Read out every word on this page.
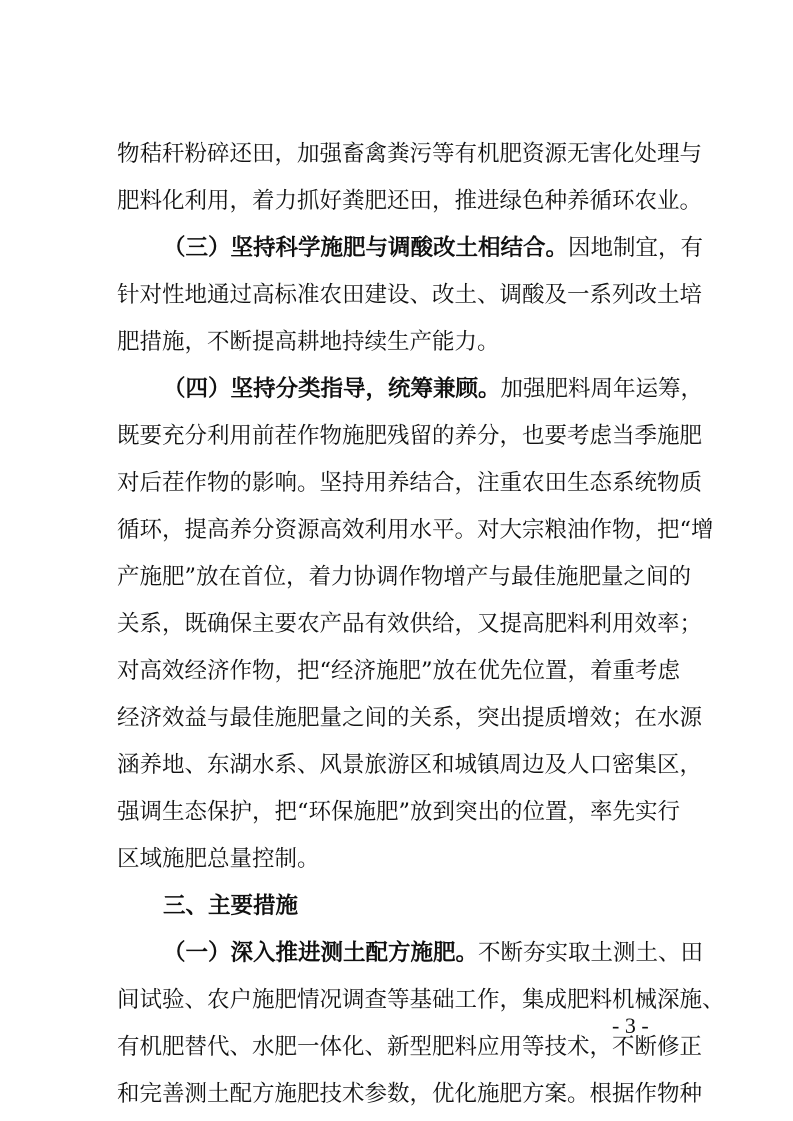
物秸秆粉碎还田，加强畜禽粪污等有机肥资源无害化处理与
肥料化利用，着力抓好粪肥还田，推进绿色种养循环农业。
（三）坚持科学施肥与调酸改土相结合。因地制宜，有
针对性地通过高标准农田建设、改土、调酸及一系列改土培
肥措施，不断提高耕地持续生产能力。
（四）坚持分类指导，统筹兼顾。加强肥料周年运筹，
既要充分利用前茬作物施肥残留的养分，也要考虑当季施肥
对后茬作物的影响。坚持用养结合，注重农田生态系统物质
循环，提高养分资源高效利用水平。对大宗粮油作物，把“增
产施肥”放在首位，着力协调作物增产与最佳施肥量之间的
关系，既确保主要农产品有效供给，又提高肥料利用效率；
对高效经济作物，把“经济施肥”放在优先位置，着重考虑
经济效益与最佳施肥量之间的关系，突出提质增效；在水源
涵养地、东湖水系、风景旅游区和城镇周边及人口密集区，
强调生态保护，把“环保施肥”放到突出的位置，率先实行
区域施肥总量控制。
三、主要措施
（一）深入推进测土配方施肥。不断夯实取土测土、田
间试验、农户施肥情况调查等基础工作，集成肥料机械深施、
有机肥替代、水肥一体化、新型肥料应用等技术，不断修正
和完善测土配方施肥技术参数，优化施肥方案。根据作物种
- 3 -
